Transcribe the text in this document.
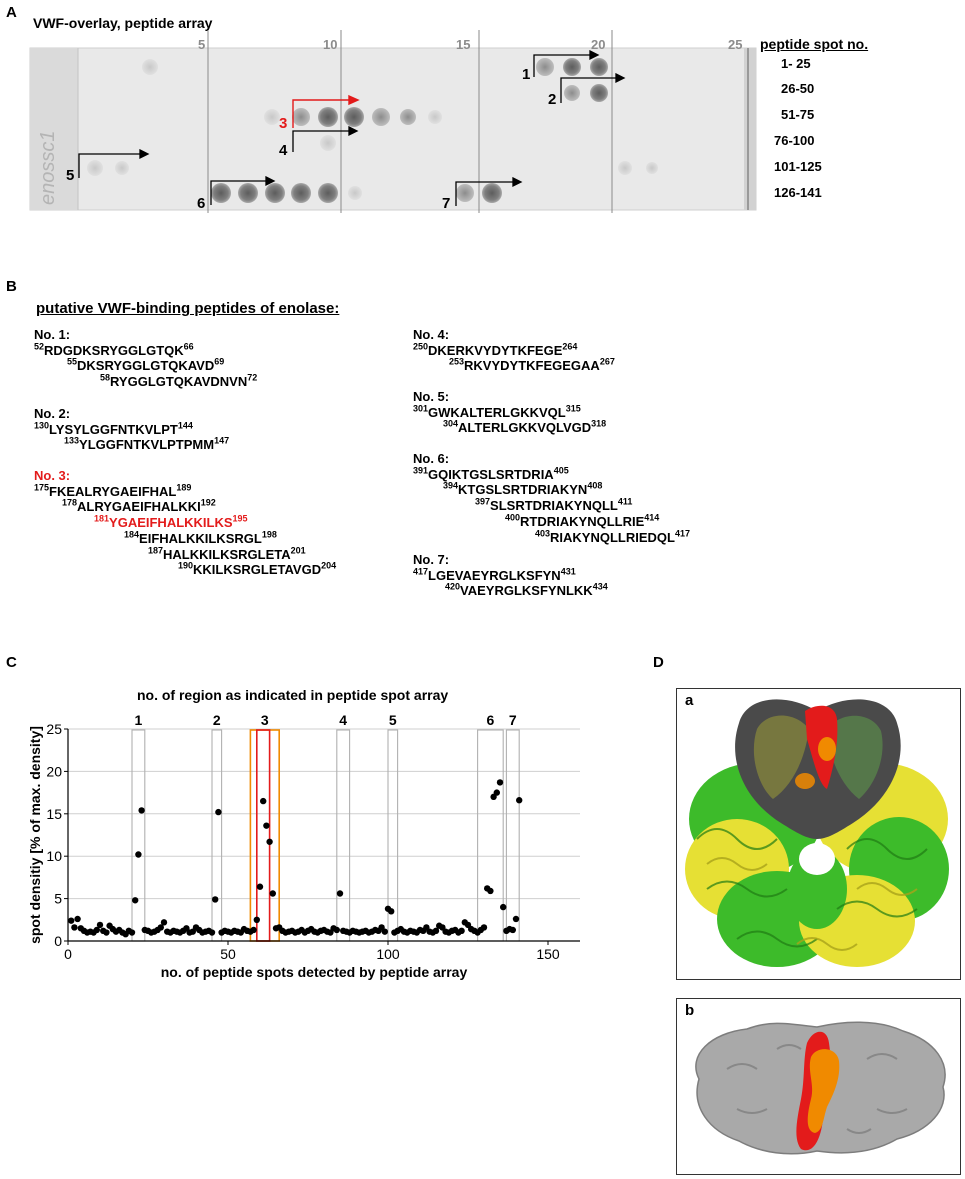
A
VWF-overlay, peptide array
enossc1
5	10	15	20	25
1
2
3
4
5
6	7
peptide spot no.
1- 25
26-50
51-75
76-100
101-125
126-141
B
putative VWF-binding peptides of enolase:
No. 1:
$^{52}$RDGDKSRYGGLGTQK$^{66}$
$^{55}$DKSRYGGLGTQKAVD$^{69}$
$^{58}$RYGGLGTQKAVDNVN$^{72}$
No. 2:
$^{130}$LYSYLGGFNTKVLPT$^{144}$
$^{133}$YLGGFNTKVLPTPMM$^{147}$
No. 3:
$^{175}$FKEALRYGAEIFHAL$^{189}$
$^{178}$ALRYGAEIFHALKKI$^{192}$
$^{181}$YGAEIFHALKKILKS$^{195}$
$^{184}$EIFHALKKILKSRGL$^{198}$
$^{187}$HALKKILKSRGLETA$^{201}$
$^{190}$KKILKSRGLETAVGD$^{204}$
No. 4:
$^{250}$DKERKVYDYTKFEGE$^{264}$
$^{253}$RKVYDYTKFEGEGAA$^{267}$
No. 5:
$^{301}$GWKALTERLGKKVQL$^{315}$
$^{304}$ALTERLGKKVQLVGD$^{318}$
No. 6:
$^{391}$GQIKTGSLSRTDRIA$^{405}$
$^{394}$KTGSLSRTDRIAKYN$^{408}$
$^{397}$SLSRTDRIAKYNQLL$^{411}$
$^{400}$RTDRIAKYNQLLRIE$^{414}$
$^{403}$RIAKYNQLLRIEDQL$^{417}$
No. 7:
$^{417}$LGEVAEYRGLKSFYN$^{431}$
$^{420}$VAEYRGLKSFYNLKK$^{434}$
C
no. of region as indicated in peptide spot array
1	2	3	4	5	6 7
0
5
10
15
20
25
0	50	100	150
no. of peptide spots detected by peptide array
spot densitiy [% of max. density]
D
a
b
